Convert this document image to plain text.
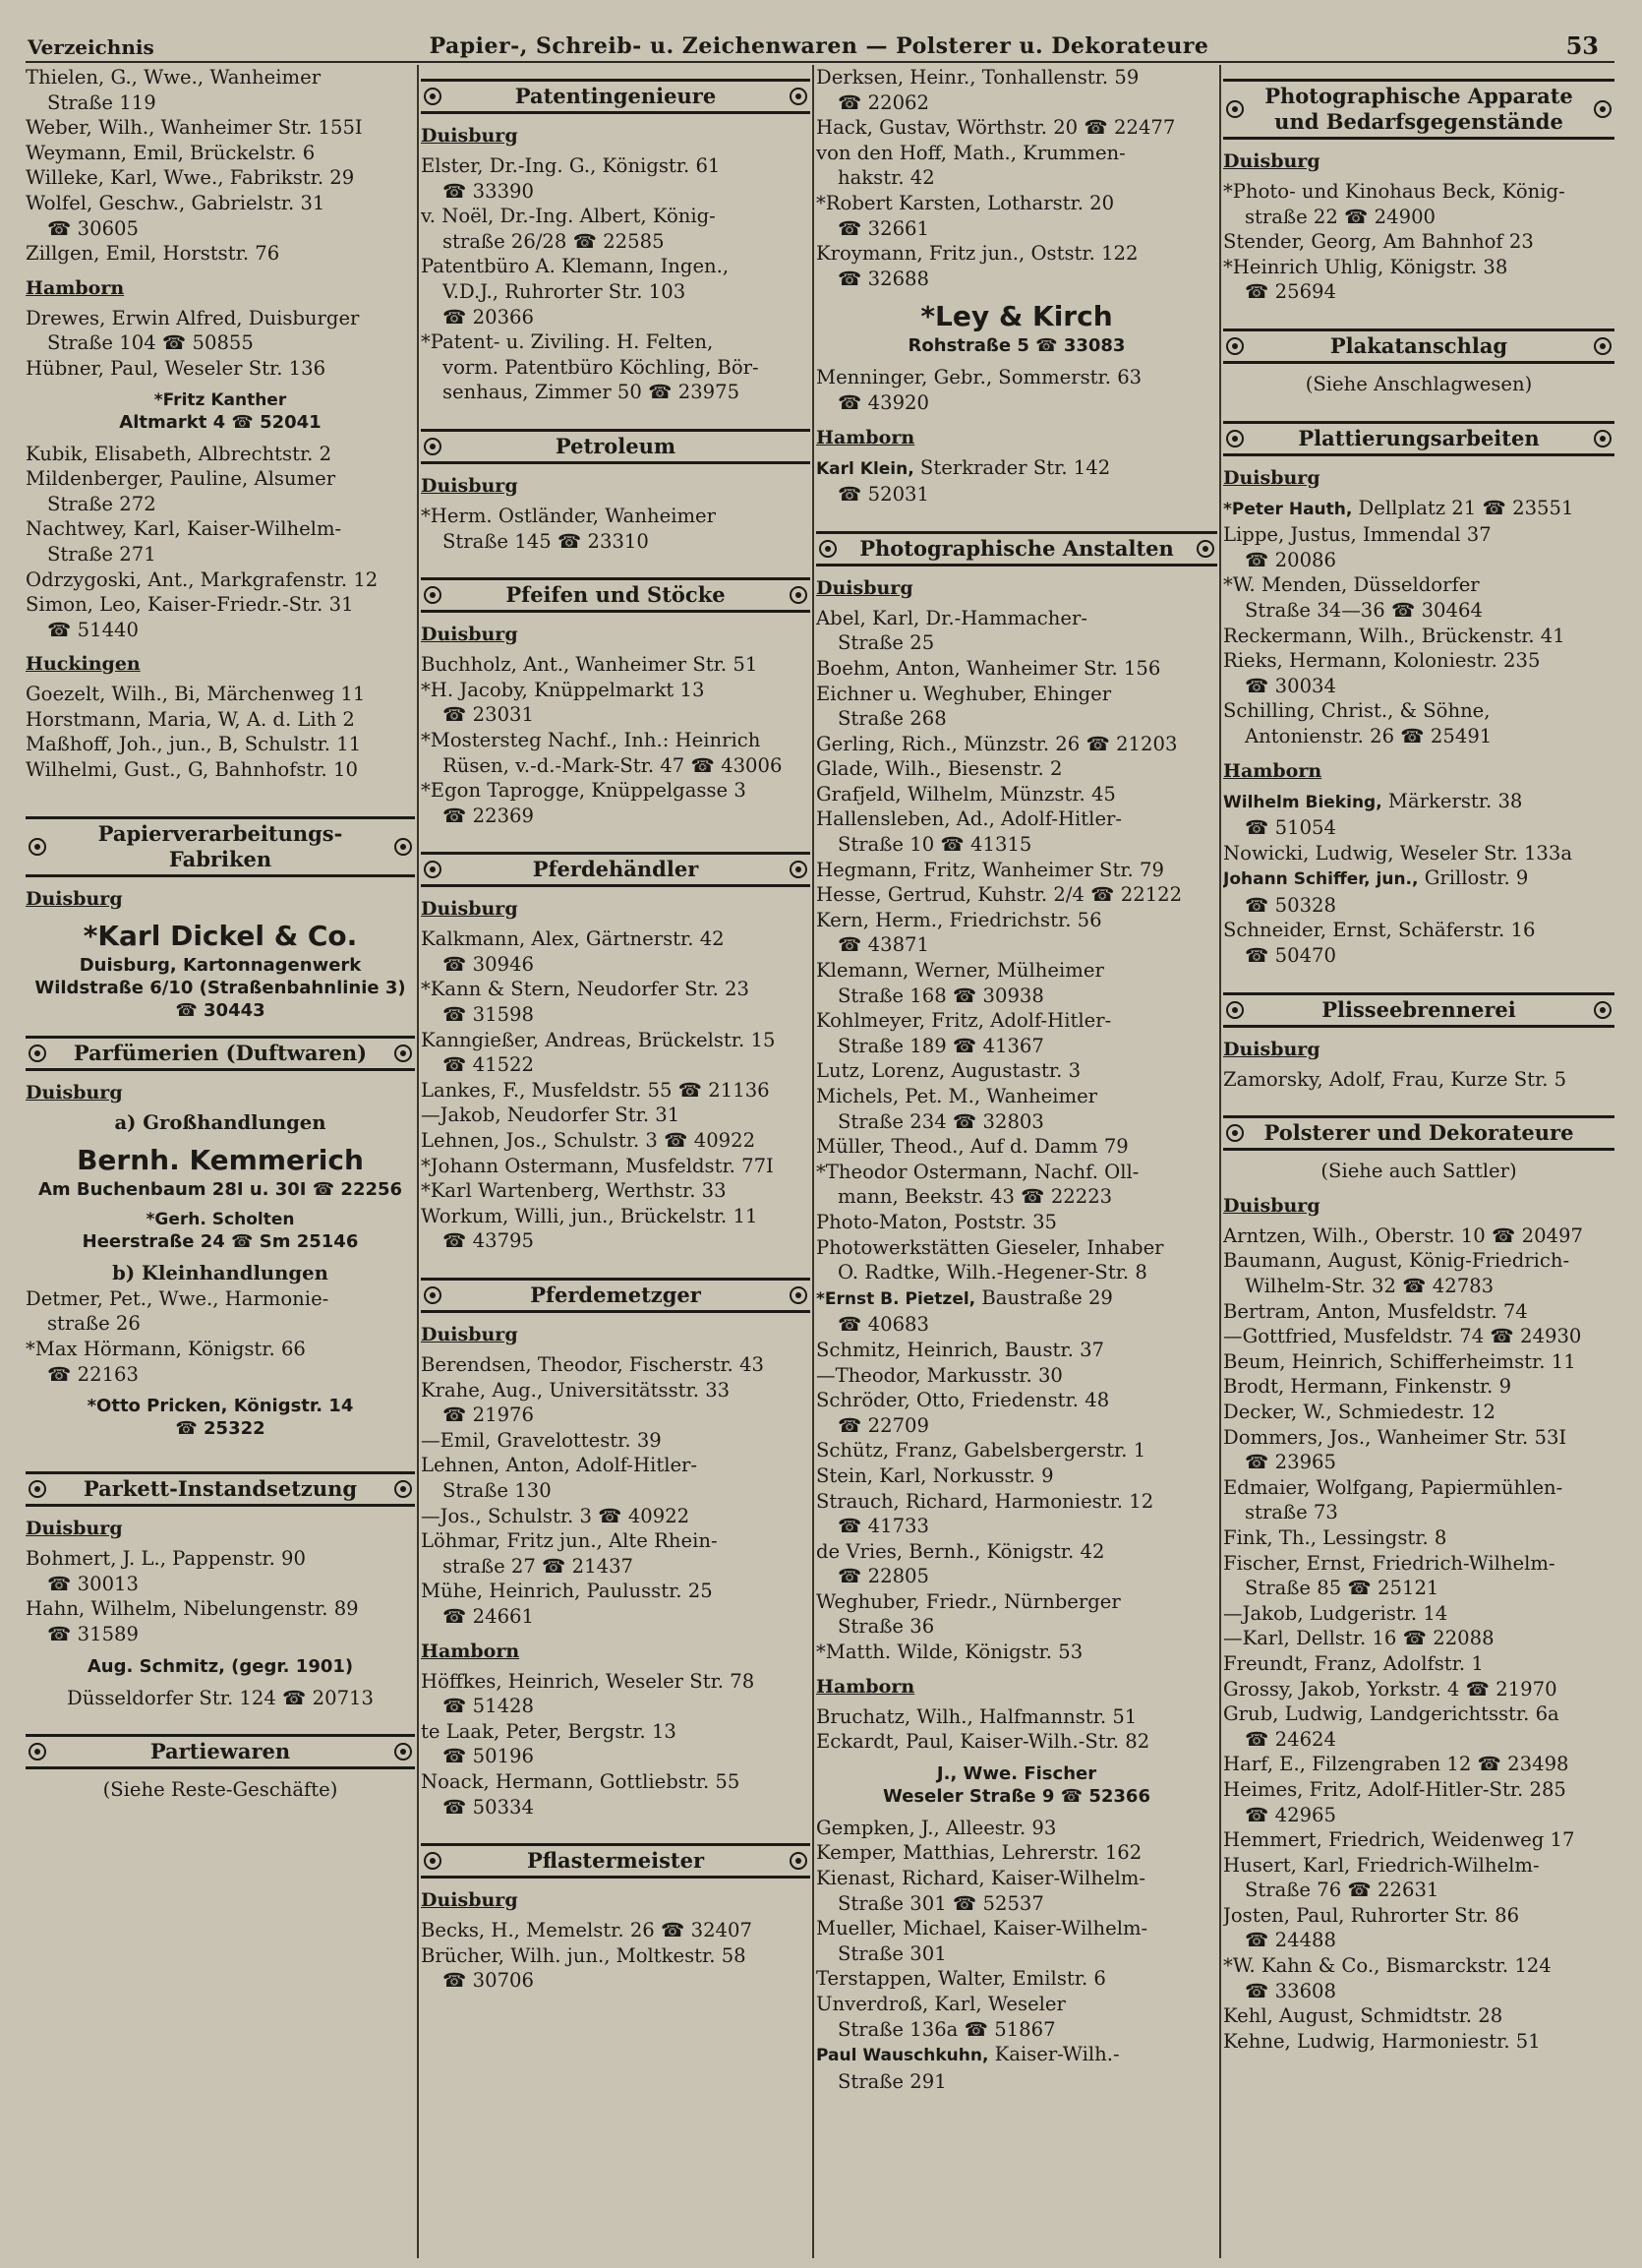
Verzeichnis	Papier-, Schreib- u. Zeichenwaren — Polsterer u. Dekorateure	53
Thielen, G., Wwe., Wanheimer
Straße 119
Weber, Wilh., Wanheimer Str. 155I
Weymann, Emil, Brückelstr. 6
Willeke, Karl, Wwe., Fabrikstr. 29
Wolfel, Geschw., Gabrielstr. 31
☎ 30605
Zillgen, Emil, Horststr. 76
Hamborn
Drewes, Erwin Alfred, Duisburger
Straße 104 ☎ 50855
Hübner, Paul, Weseler Str. 136
*Fritz Kanther
Altmarkt 4 ☎ 52041
Kubik, Elisabeth, Albrechtstr. 2
Mildenberger, Pauline, Alsumer
Straße 272
Nachtwey, Karl, Kaiser-Wilhelm-
Straße 271
Odrzygoski, Ant., Markgrafenstr. 12
Simon, Leo, Kaiser-Friedr.-Str. 31
☎ 51440
Huckingen
Goezelt, Wilh., Bi, Märchenweg 11
Horstmann, Maria, W, A. d. Lith 2
Maßhoff, Joh., jun., B, Schulstr. 11
Wilhelmi, Gust., G, Bahnhofstr. 10
Papierverarbeitungs-
Fabriken
Duisburg
*Karl Dickel & Co.
Duisburg, Kartonnagenwerk
Wildstraße 6/10 (Straßenbahnlinie 3)
☎ 30443
Parfümerien (Duftwaren)
Duisburg
a) Großhandlungen
Bernh. Kemmerich
Am Buchenbaum 28I u. 30I ☎ 22256
*Gerh. Scholten
Heerstraße 24 ☎ Sm 25146
b) Kleinhandlungen
Detmer, Pet., Wwe., Harmonie-
straße 26
*Max Hörmann, Königstr. 66
☎ 22163
*Otto Pricken, Königstr. 14
☎ 25322
Parkett-Instandsetzung
Duisburg
Bohmert, J. L., Pappenstr. 90
☎ 30013
Hahn, Wilhelm, Nibelungenstr. 89
☎ 31589
Aug. Schmitz, (gegr. 1901)
Düsseldorfer Str. 124 ☎ 20713
Partiewaren
(Siehe Reste-Geschäfte)
Patentingenieure
Duisburg
Elster, Dr.-Ing. G., Königstr. 61
☎ 33390
v. Noël, Dr.-Ing. Albert, König-
straße 26/28 ☎ 22585
Patentbüro A. Klemann, Ingen.,
V.D.J., Ruhrorter Str. 103
☎ 20366
*Patent- u. Ziviling. H. Felten,
vorm. Patentbüro Köchling, Bör-
senhaus, Zimmer 50 ☎ 23975
Petroleum
Duisburg
*Herm. Ostländer, Wanheimer
Straße 145 ☎ 23310
Pfeifen und Stöcke
Duisburg
Buchholz, Ant., Wanheimer Str. 51
*H. Jacoby, Knüppelmarkt 13
☎ 23031
*Mostersteg Nachf., Inh.: Heinrich
Rüsen, v.-d.-Mark-Str. 47 ☎ 43006
*Egon Taprogge, Knüppelgasse 3
☎ 22369
Pferdehändler
Duisburg
Kalkmann, Alex, Gärtnerstr. 42
☎ 30946
*Kann & Stern, Neudorfer Str. 23
☎ 31598
Kanngießer, Andreas, Brückelstr. 15
☎ 41522
Lankes, F., Musfeldstr. 55 ☎ 21136
—Jakob, Neudorfer Str. 31
Lehnen, Jos., Schulstr. 3 ☎ 40922
*Johann Ostermann, Musfeldstr. 77I
*Karl Wartenberg, Werthstr. 33
Workum, Willi, jun., Brückelstr. 11
☎ 43795
Pferdemetzger
Duisburg
Berendsen, Theodor, Fischerstr. 43
Krahe, Aug., Universitätsstr. 33
☎ 21976
—Emil, Gravelottestr. 39
Lehnen, Anton, Adolf-Hitler-
Straße 130
—Jos., Schulstr. 3 ☎ 40922
Löhmar, Fritz jun., Alte Rhein-
straße 27 ☎ 21437
Mühe, Heinrich, Paulusstr. 25
☎ 24661
Hamborn
Höffkes, Heinrich, Weseler Str. 78
☎ 51428
te Laak, Peter, Bergstr. 13
☎ 50196
Noack, Hermann, Gottliebstr. 55
☎ 50334
Pflastermeister
Duisburg
Becks, H., Memelstr. 26 ☎ 32407
Brücher, Wilh. jun., Moltkestr. 58
☎ 30706
Derksen, Heinr., Tonhallenstr. 59
☎ 22062
Hack, Gustav, Wörthstr. 20 ☎ 22477
von den Hoff, Math., Krummen-
hakstr. 42
*Robert Karsten, Lotharstr. 20
☎ 32661
Kroymann, Fritz jun., Oststr. 122
☎ 32688
*Ley & Kirch
Rohstraße 5 ☎ 33083
Menninger, Gebr., Sommerstr. 63
☎ 43920
Hamborn
Karl Klein, Sterkrader Str. 142
☎ 52031
Photographische Anstalten
Duisburg
Abel, Karl, Dr.-Hammacher-
Straße 25
Boehm, Anton, Wanheimer Str. 156
Eichner u. Weghuber, Ehinger
Straße 268
Gerling, Rich., Münzstr. 26 ☎ 21203
Glade, Wilh., Biesenstr. 2
Grafjeld, Wilhelm, Münzstr. 45
Hallensleben, Ad., Adolf-Hitler-
Straße 10 ☎ 41315
Hegmann, Fritz, Wanheimer Str. 79
Hesse, Gertrud, Kuhstr. 2/4 ☎ 22122
Kern, Herm., Friedrichstr. 56
☎ 43871
Klemann, Werner, Mülheimer
Straße 168 ☎ 30938
Kohlmeyer, Fritz, Adolf-Hitler-
Straße 189 ☎ 41367
Lutz, Lorenz, Augustastr. 3
Michels, Pet. M., Wanheimer
Straße 234 ☎ 32803
Müller, Theod., Auf d. Damm 79
*Theodor Ostermann, Nachf. Oll-
mann, Beekstr. 43 ☎ 22223
Photo-Maton, Poststr. 35
Photowerkstätten Gieseler, Inhaber
O. Radtke, Wilh.-Hegener-Str. 8
*Ernst B. Pietzel, Baustraße 29
☎ 40683
Schmitz, Heinrich, Baustr. 37
—Theodor, Markusstr. 30
Schröder, Otto, Friedenstr. 48
☎ 22709
Schütz, Franz, Gabelsbergerstr. 1
Stein, Karl, Norkusstr. 9
Strauch, Richard, Harmoniestr. 12
☎ 41733
de Vries, Bernh., Königstr. 42
☎ 22805
Weghuber, Friedr., Nürnberger
Straße 36
*Matth. Wilde, Königstr. 53
Hamborn
Bruchatz, Wilh., Halfmannstr. 51
Eckardt, Paul, Kaiser-Wilh.-Str. 82
J., Wwe. Fischer
Weseler Straße 9 ☎ 52366
Gempken, J., Alleestr. 93
Kemper, Matthias, Lehrerstr. 162
Kienast, Richard, Kaiser-Wilhelm-
Straße 301 ☎ 52537
Mueller, Michael, Kaiser-Wilhelm-
Straße 301
Terstappen, Walter, Emilstr. 6
Unverdroß, Karl, Weseler
Straße 136a ☎ 51867
Paul Wauschkuhn, Kaiser-Wilh.-
Straße 291
Photographische Apparate
und Bedarfsgegenstände
Duisburg
*Photo- und Kinohaus Beck, König-
straße 22 ☎ 24900
Stender, Georg, Am Bahnhof 23
*Heinrich Uhlig, Königstr. 38
☎ 25694
Plakatanschlag
(Siehe Anschlagwesen)
Plattierungsarbeiten
Duisburg
*Peter Hauth, Dellplatz 21 ☎ 23551
Lippe, Justus, Immendal 37
☎ 20086
*W. Menden, Düsseldorfer
Straße 34—36 ☎ 30464
Reckermann, Wilh., Brückenstr. 41
Rieks, Hermann, Koloniestr. 235
☎ 30034
Schilling, Christ., & Söhne,
Antonienstr. 26 ☎ 25491
Hamborn
Wilhelm Bieking, Märkerstr. 38
☎ 51054
Nowicki, Ludwig, Weseler Str. 133a
Johann Schiffer, jun., Grillostr. 9
☎ 50328
Schneider, Ernst, Schäferstr. 16
☎ 50470
Plisseebrennerei
Duisburg
Zamorsky, Adolf, Frau, Kurze Str. 5
Polsterer und Dekorateure
(Siehe auch Sattler)
Duisburg
Arntzen, Wilh., Oberstr. 10 ☎ 20497
Baumann, August, König-Friedrich-
Wilhelm-Str. 32 ☎ 42783
Bertram, Anton, Musfeldstr. 74
—Gottfried, Musfeldstr. 74 ☎ 24930
Beum, Heinrich, Schifferheimstr. 11
Brodt, Hermann, Finkenstr. 9
Decker, W., Schmiedestr. 12
Dommers, Jos., Wanheimer Str. 53I
☎ 23965
Edmaier, Wolfgang, Papiermühlen-
straße 73
Fink, Th., Lessingstr. 8
Fischer, Ernst, Friedrich-Wilhelm-
Straße 85 ☎ 25121
—Jakob, Ludgeristr. 14
—Karl, Dellstr. 16 ☎ 22088
Freundt, Franz, Adolfstr. 1
Grossy, Jakob, Yorkstr. 4 ☎ 21970
Grub, Ludwig, Landgerichtsstr. 6a
☎ 24624
Harf, E., Filzengraben 12 ☎ 23498
Heimes, Fritz, Adolf-Hitler-Str. 285
☎ 42965
Hemmert, Friedrich, Weidenweg 17
Husert, Karl, Friedrich-Wilhelm-
Straße 76 ☎ 22631
Josten, Paul, Ruhrorter Str. 86
☎ 24488
*W. Kahn & Co., Bismarckstr. 124
☎ 33608
Kehl, August, Schmidtstr. 28
Kehne, Ludwig, Harmoniestr. 51
